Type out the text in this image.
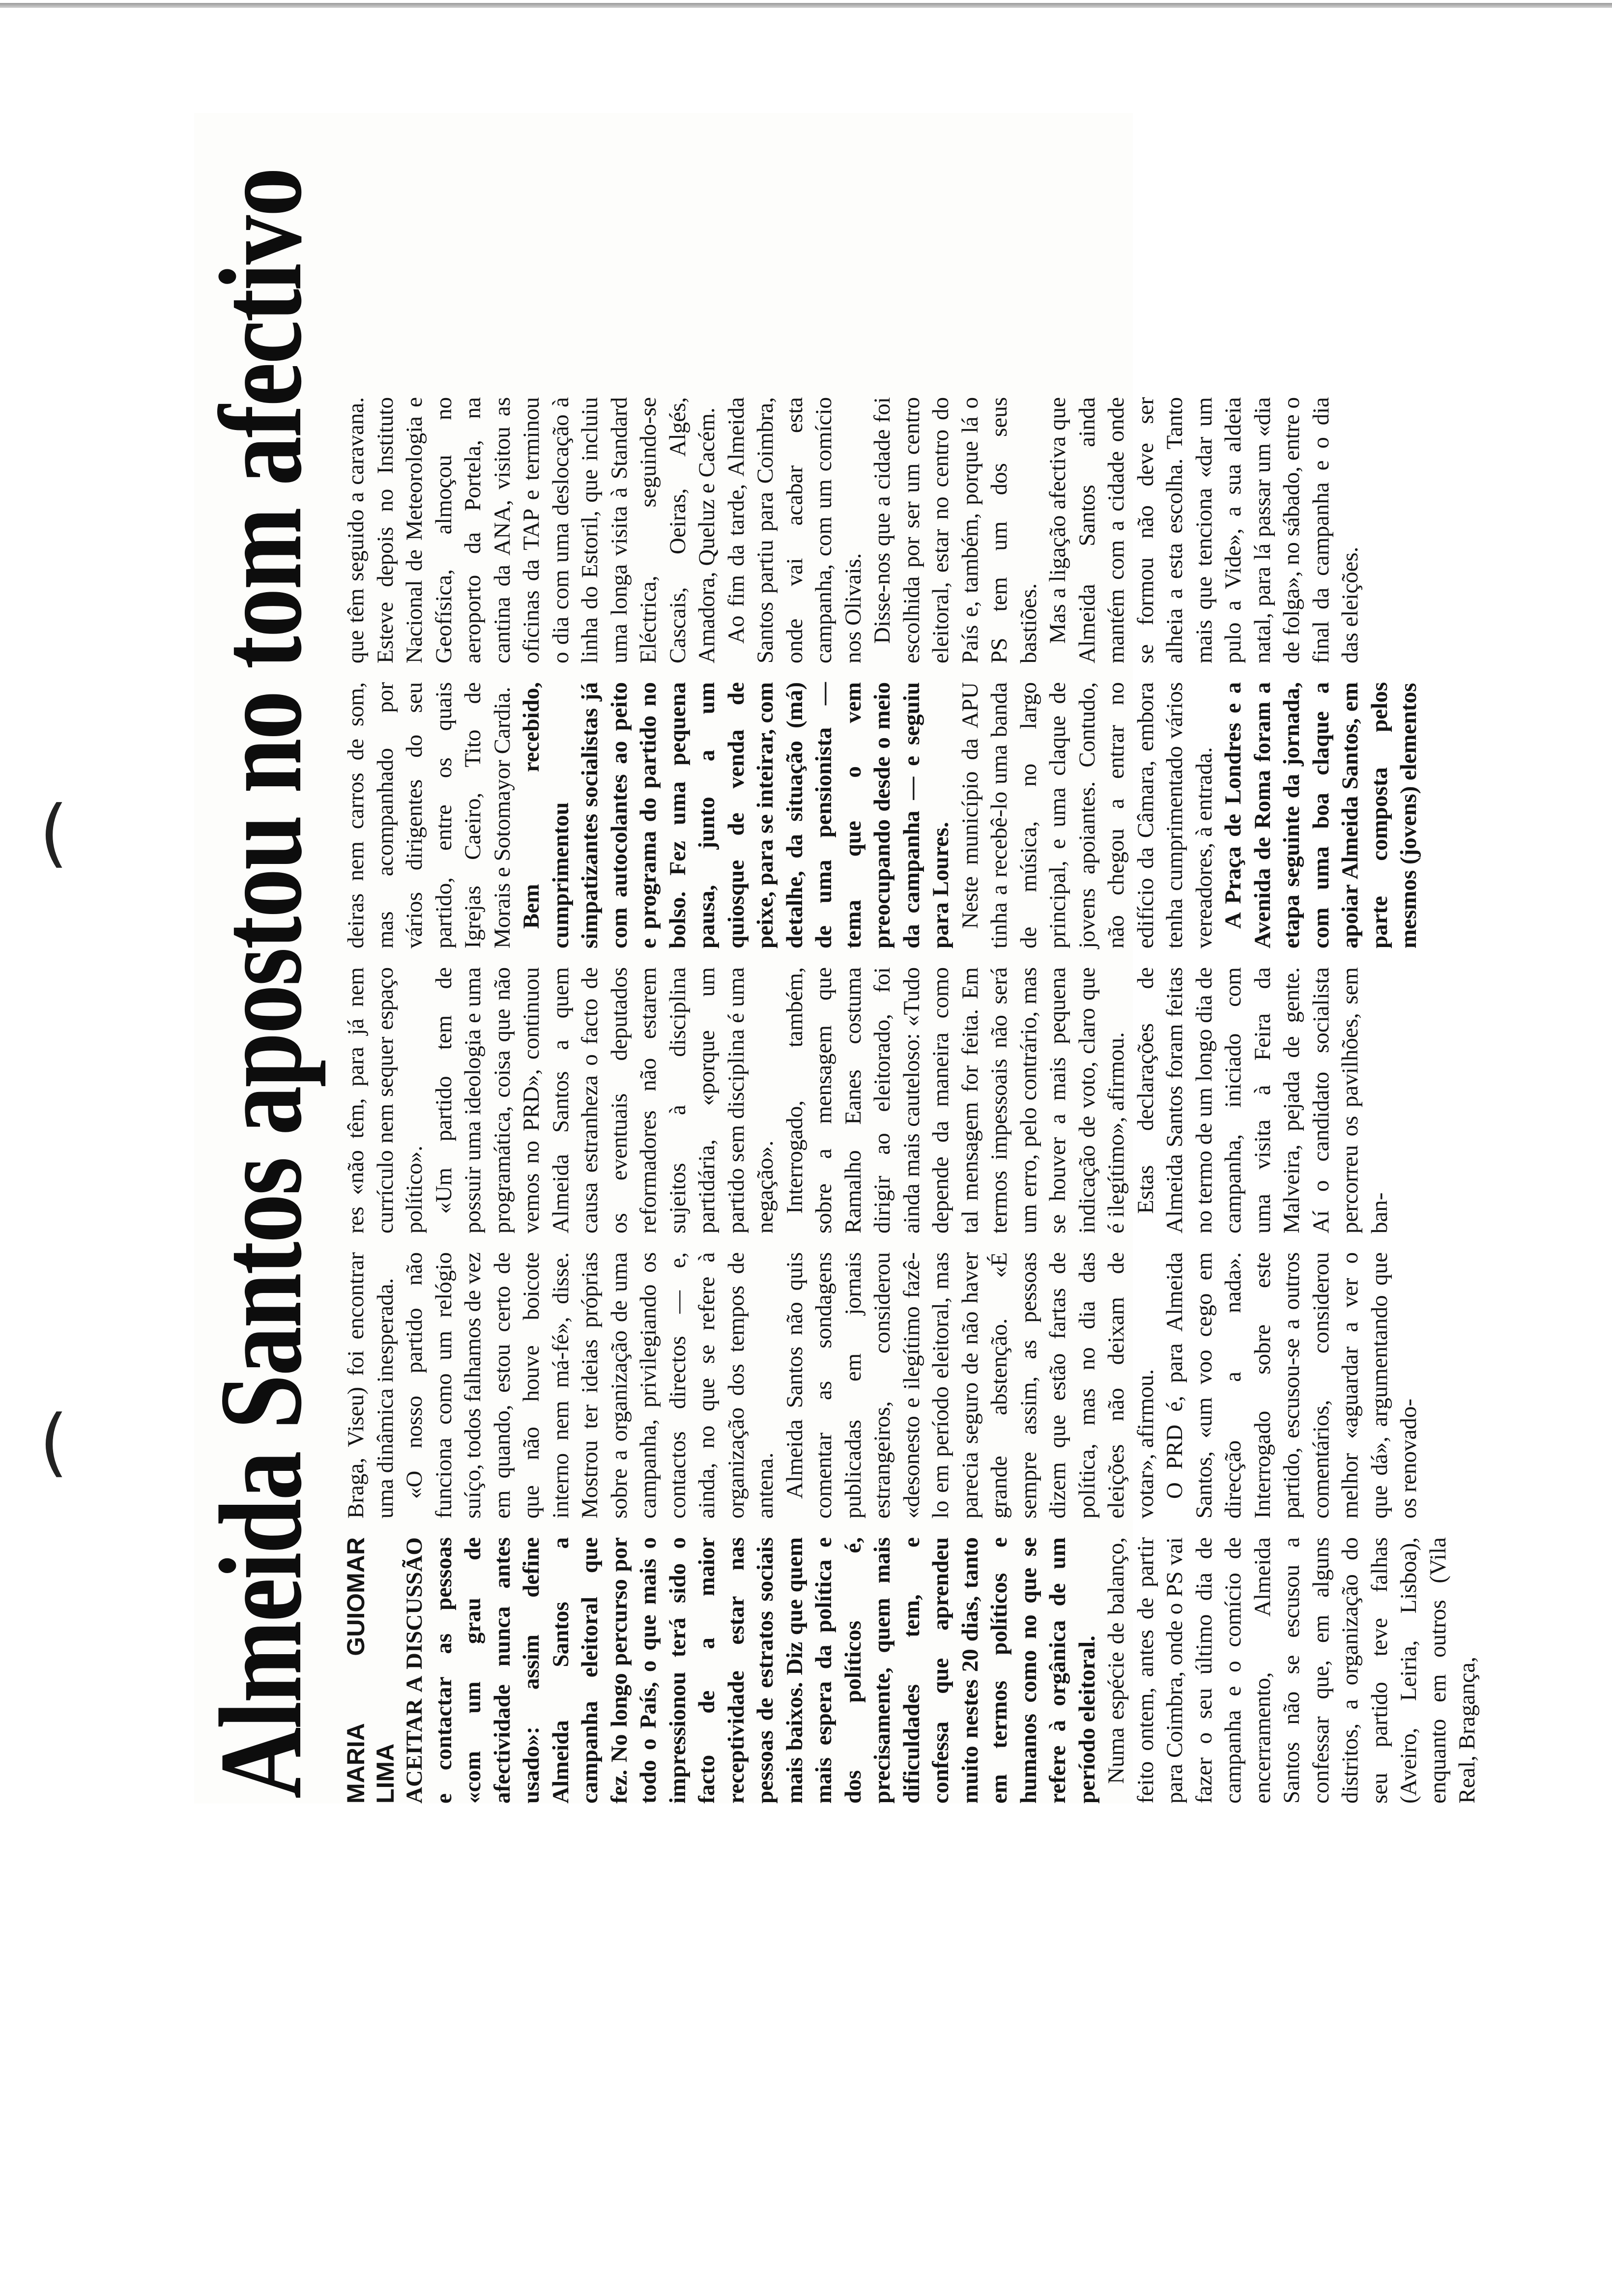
(
( Almeida Santos apostou no tom afectivo MARIA GUIOMAR LIMA ACEITAR A DISCUSSÃO e contactar as pessoas «com um grau de afectividade nunca antes usado»: assim define Almeida Santos a campanha eleitoral que fez. No longo percurso por todo o País, o que mais o impressionou terá sido o facto de a maior receptividade estar nas pessoas de estratos sociais mais baixos. Diz que quem mais espera da política e dos políticos é, precisamente, quem mais dificuldades tem, e confessa que aprendeu muito nestes 20 dias, tanto em termos políticos e humanos como no que se refere à orgânica de um período eleitoral. Numa espécie de balanço, feito ontem, antes de partir para Coimbra, onde o PS vai fazer o seu último dia de campanha e o comício de encerramento, Almeida Santos não se escusou a confessar que, em alguns distritos, a organização do seu partido teve falhas (Aveiro, Leiria, Lisboa), enquanto em outros (Vila Real, Bragança,

Braga, Viseu) foi encontrar uma dinâmica inesperada. «O nosso partido não funciona como um relógio suíço, todos falhamos de vez em quando, estou certo de que não houve boicote interno nem má-fé», disse. Mostrou ter ideias próprias sobre a organização de uma campanha, privilegiando os contactos directos — e, ainda, no que se refere à organização dos tempos de antena. Almeida Santos não quis comentar as sondagens publicadas em jornais estrangeiros, considerou «desonesto e ilegítimo fazê-lo em período eleitoral, mas parecia seguro de não haver grande abstenção. «É sempre assim, as pessoas dizem que estão fartas de política, mas no dia das eleições não deixam de votar», afirmou. O PRD é, para Almeida Santos, «um voo cego em direcção a nada». Interrogado sobre este partido, escusou-se a outros comentários, considerou melhor «aguardar a ver o que dá», argumentando que os renovado-

res «não têm, para já nem currículo nem sequer espaço político». «Um partido tem de possuir uma ideologia e uma programática, coisa que não vemos no PRD», continuou Almeida Santos a quem causa estranheza o facto de os eventuais deputados reformadores não estarem sujeitos à disciplina partidária, «porque um partido sem disciplina é uma negação». Interrogado, também, sobre a mensagem que Ramalho Eanes costuma dirigir ao eleitorado, foi ainda mais cauteloso: «Tudo depende da maneira como tal mensagem for feita. Em termos impessoais não será um erro, pelo contrário, mas se houver a mais pequena indicação de voto, claro que é ilegítimo», afirmou. Estas declarações de Almeida Santos foram feitas no termo de um longo dia de campanha, iniciado com uma visita à Feira da Malveira, pejada de gente. Aí o candidato socialista percorreu os pavilhões, sem ban-

deiras nem carros de som, mas acompanhado por vários dirigentes do seu partido, entre os quais Igrejas Caeiro, Tito de Morais e Sotomayor Cardia. Bem recebido, cumprimentou simpatizantes socialistas já com autocolantes ao peito e programa do partido no bolso. Fez uma pequena pausa, junto a um quiosque de venda de peixe, para se inteirar, com detalhe, da situação (má) de uma pensionista — tema que o vem preocupando desde o meio da campanha — e seguiu para Loures. Neste município da APU tinha a recebê-lo uma banda de música, no largo principal, e uma claque de jovens apoiantes. Contudo, não chegou a entrar no edifício da Câmara, embora tenha cumprimentado vários vereadores, à entrada. A Praça de Londres e a Avenida de Roma foram a etapa seguinte da jornada, com uma boa claque a apoiar Almeida Santos, em parte composta pelos mesmos (jovens) elementos

que têm seguido a caravana. Esteve depois no Instituto Nacional de Meteorologia e Geofísica, almoçou no aeroporto da Portela, na cantina da ANA, visitou as oficinas da TAP e terminou o dia com uma deslocação à linha do Estoril, que incluiu uma longa visita à Standard Eléctrica, seguindo-se Cascais, Oeiras, Algés, Amadora, Queluz e Cacém. Ao fim da tarde, Almeida Santos partiu para Coimbra, onde vai acabar esta campanha, com um comício nos Olivais. Disse-nos que a cidade foi escolhida por ser um centro eleitoral, estar no centro do País e, também, porque lá o PS tem um dos seus bastiões. Mas a ligação afectiva que Almeida Santos ainda mantém com a cidade onde se formou não deve ser alheia a esta escolha. Tanto mais que tenciona «dar um pulo a Vide», a sua aldeia natal, para lá passar um «dia de folga», no sábado, entre o final da campanha e o dia das eleições.
